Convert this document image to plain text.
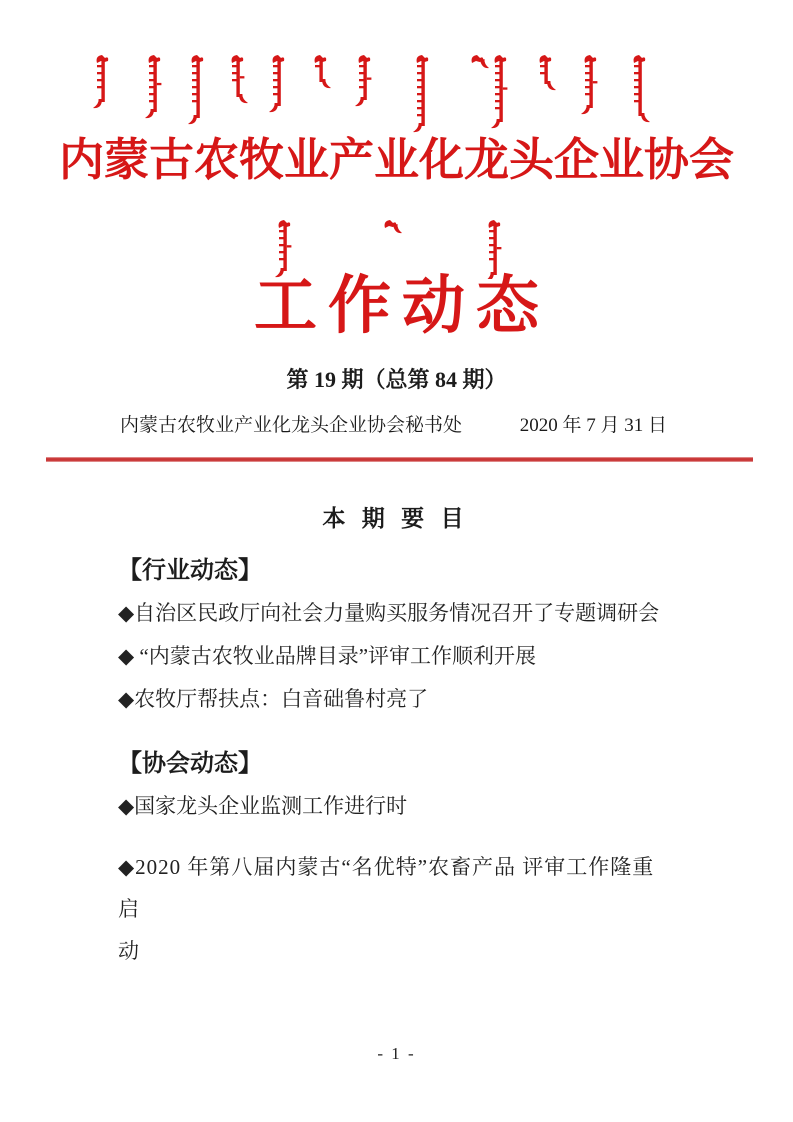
内蒙古农牧业产业化龙头企业协会
工作动态
第 19 期（总第 84 期）
内蒙古农牧业产业化龙头企业协会秘书处	2020 年 7 月 31 日
本 期 要 目
【行业动态】
◆自治区民政厅向社会力量购买服务情况召开了专题调研会
◆ “内蒙古农牧业品牌目录”评审工作顺利开展
◆农牧厅帮扶点：白音础鲁村亮了
【协会动态】
◆国家龙头企业监测工作进行时
◆2020 年第八届内蒙古“名优特”农畜产品 评审工作隆重启
动
- 1 -
